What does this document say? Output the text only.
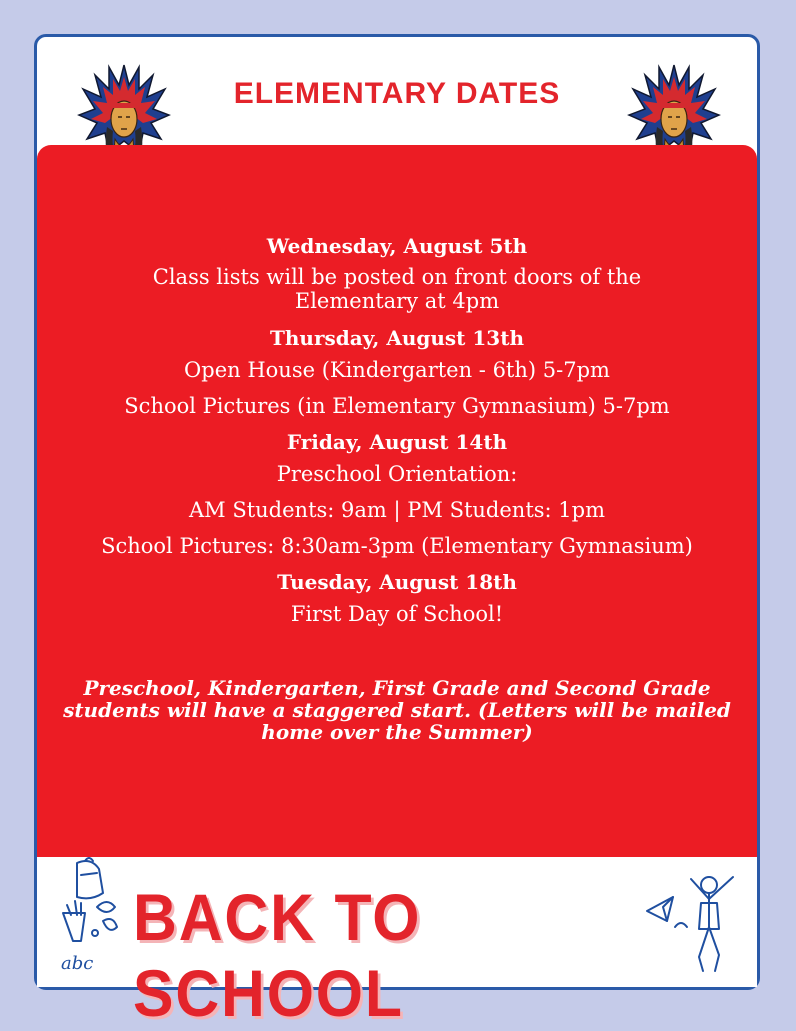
ELEMENTARY DATES
Wednesday, August 5th
Class lists will be posted on front doors of the Elementary at 4pm
Thursday, August 13th
Open House (Kindergarten - 6th) 5-7pm
School Pictures (in Elementary Gymnasium) 5-7pm
Friday, August 14th
Preschool Orientation:
AM Students: 9am | PM Students: 1pm
School Pictures: 8:30am-3pm (Elementary Gymnasium)
Tuesday, August 18th
First Day of School!
Preschool, Kindergarten, First Grade and Second Grade students will have a staggered start. (Letters will be mailed home over the Summer)
abc
BACK TO SCHOOL
